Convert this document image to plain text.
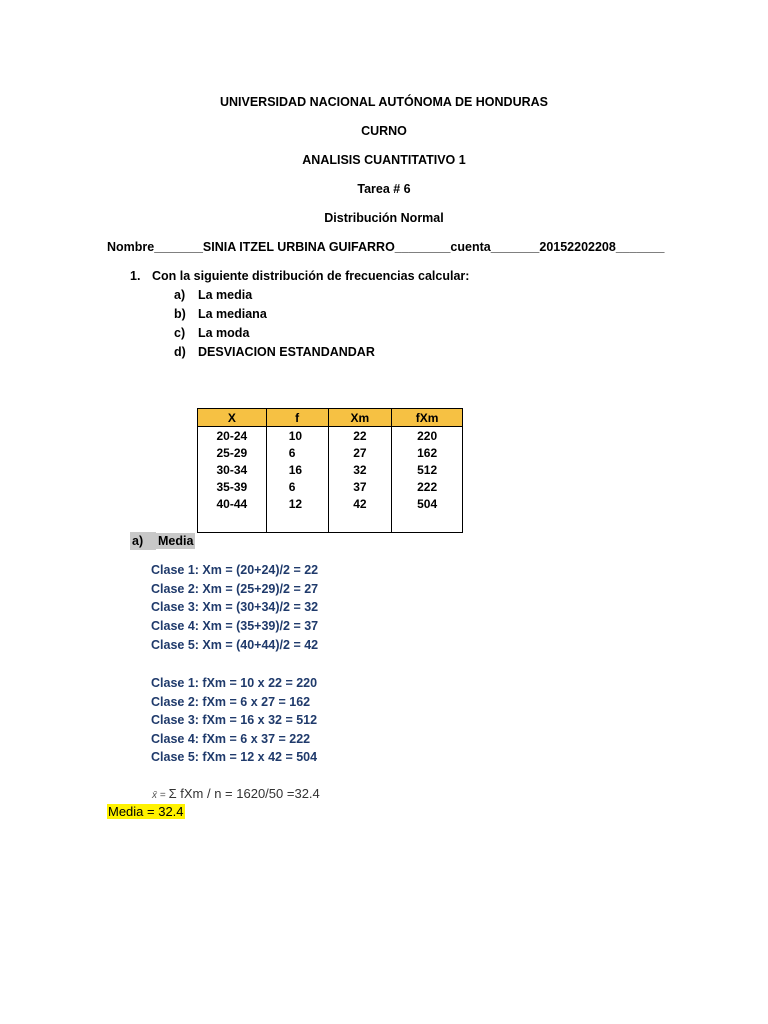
UNIVERSIDAD NACIONAL AUTÓNOMA DE HONDURAS
CURNO
ANALISIS CUANTITATIVO 1
Tarea # 6
Distribución Normal
Nombre_______SINIA ITZEL URBINA GUIFARRO________cuenta_______20152202208_______
1. Con la siguiente distribución de frecuencias calcular:
a) La media
b) La mediana
c) La moda
d) DESVIACION ESTANDANDAR
X	f	Xm	fXm
20-24	10	22	220
25-29	6	27	162
30-34	16	32	512
35-39	6	37	222
40-44	12	42	504

a) Media
Clase 1: Xm = (20+24)/2 = 22
Clase 2: Xm = (25+29)/2 = 27
Clase 3: Xm = (30+34)/2 = 32
Clase 4: Xm = (35+39)/2 = 37
Clase 5: Xm = (40+44)/2 = 42
Clase 1: fXm = 10 x 22 = 220
Clase 2: fXm = 6 x 27 = 162
Clase 3: fXm = 16 x 32 = 512
Clase 4: fXm = 6 x 37 = 222
Clase 5: fXm = 12 x 42 = 504
x̄ = Σ fXm / n = 1620/50 =32.4
Media = 32.4
